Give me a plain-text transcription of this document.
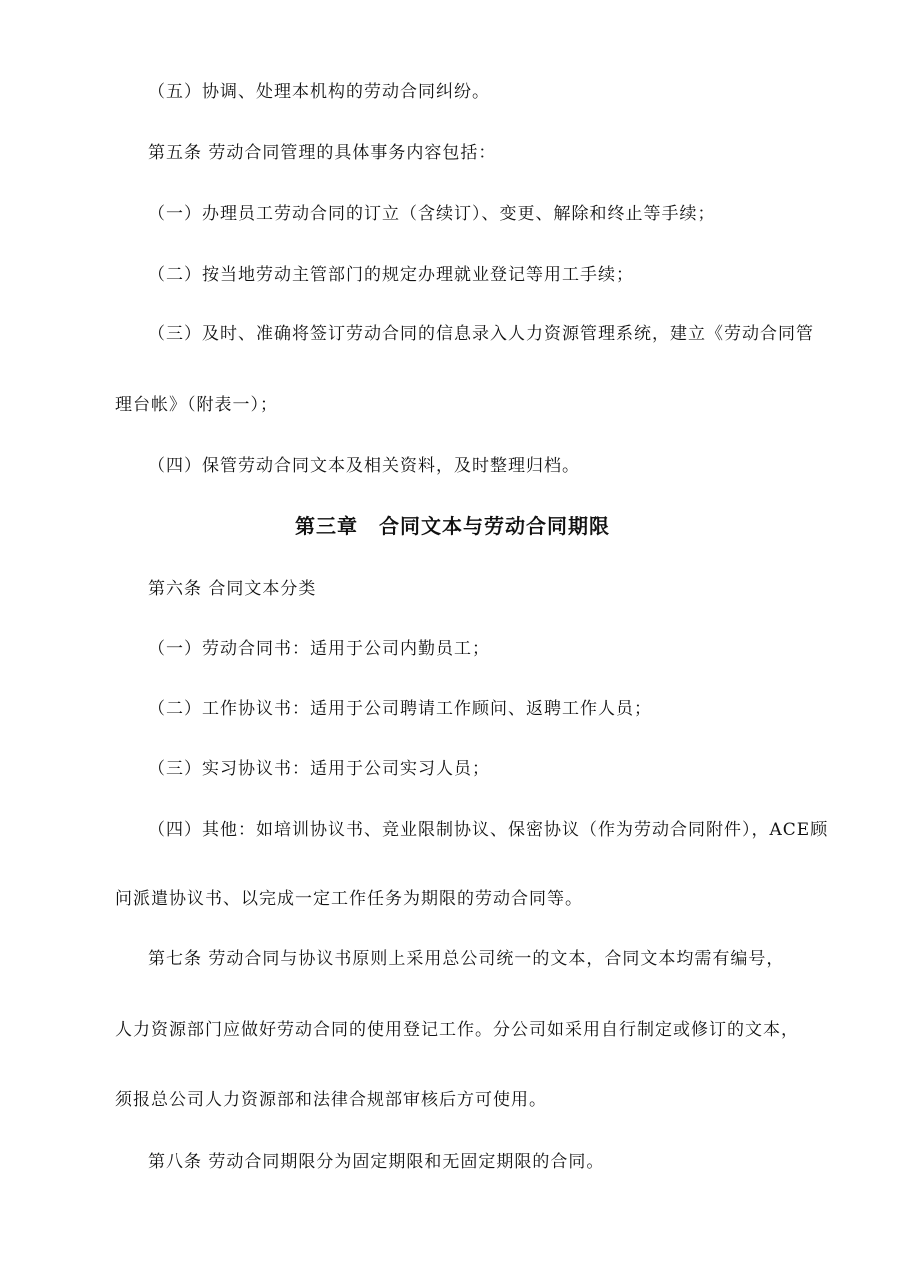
（五）协调、处理本机构的劳动合同纠纷。
第五条 劳动合同管理的具体事务内容包括：
（一）办理员工劳动合同的订立（含续订）、变更、解除和终止等手续；
（二）按当地劳动主管部门的规定办理就业登记等用工手续；
（三）及时、准确将签订劳动合同的信息录入人力资源管理系统，建立《劳动合同管
理台帐》（附表一）；
（四）保管劳动合同文本及相关资料，及时整理归档。
第三章　合同文本与劳动合同期限
第六条 合同文本分类
（一）劳动合同书：适用于公司内勤员工；
（二）工作协议书：适用于公司聘请工作顾问、返聘工作人员；
（三）实习协议书：适用于公司实习人员；
（四）其他：如培训协议书、竞业限制协议、保密协议（作为劳动合同附件），ACE顾
问派遣协议书、以完成一定工作任务为期限的劳动合同等。
第七条 劳动合同与协议书原则上采用总公司统一的文本，合同文本均需有编号，
人力资源部门应做好劳动合同的使用登记工作。分公司如采用自行制定或修订的文本，
须报总公司人力资源部和法律合规部审核后方可使用。
第八条 劳动合同期限分为固定期限和无固定期限的合同。
